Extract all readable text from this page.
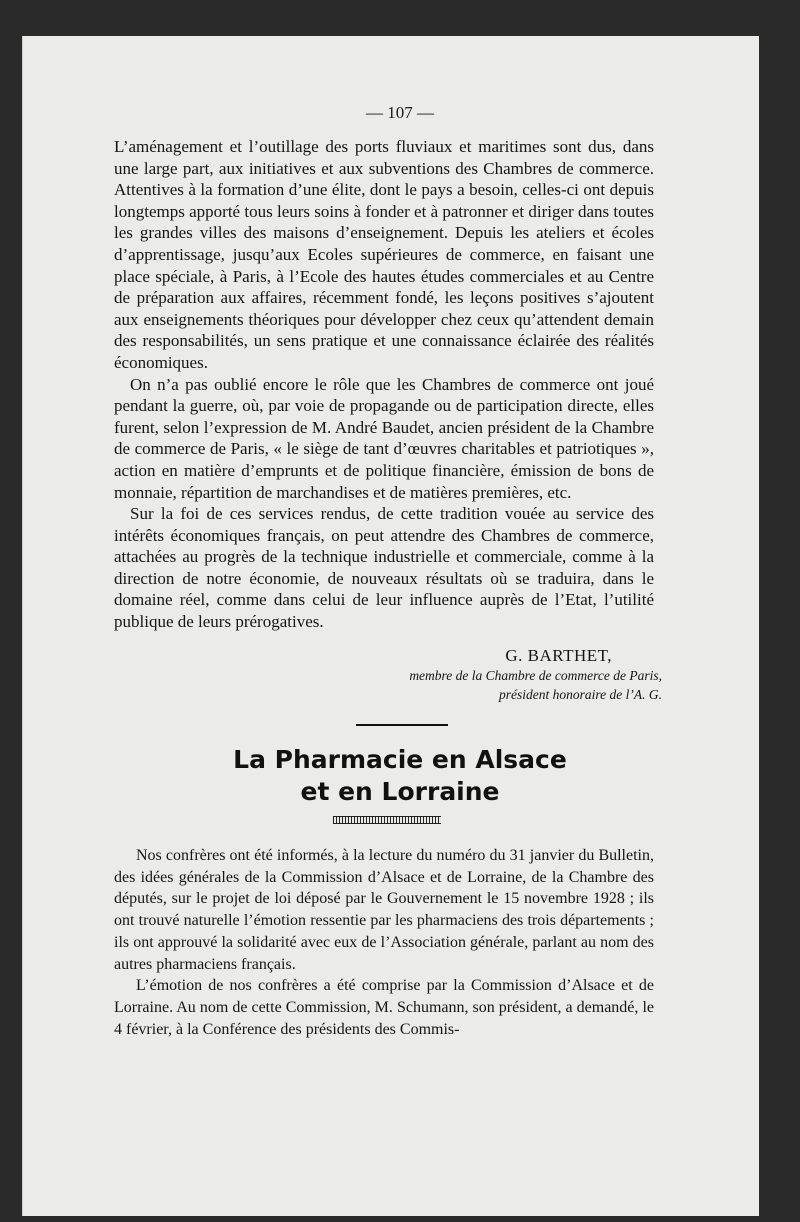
— 107 —

L’aménagement et l’outillage des ports fluviaux et maritimes sont dus, dans une large part, aux initiatives et aux subventions des Chambres de commerce. Attentives à la formation d’une élite, dont le pays a besoin, celles-ci ont depuis longtemps apporté tous leurs soins à fonder et à patronner et diriger dans toutes les grandes villes des maisons d’enseignement. Depuis les ateliers et écoles d’apprentissage, jusqu’aux Ecoles supérieures de commerce, en faisant une place spéciale, à Paris, à l’Ecole des hautes études commerciales et au Centre de préparation aux affaires, récemment fondé, les leçons positives s’ajoutent aux enseignements théoriques pour développer chez ceux qu’attendent demain des responsabilités, un sens pratique et une connaissance éclairée des réalités économiques.

On n’a pas oublié encore le rôle que les Chambres de commerce ont joué pendant la guerre, où, par voie de propagande ou de participation directe, elles furent, selon l’expression de M. André Baudet, ancien président de la Chambre de commerce de Paris, « le siège de tant d’œuvres charitables et patriotiques », action en matière d’emprunts et de politique financière, émission de bons de monnaie, répartition de marchandises et de matières premières, etc.

Sur la foi de ces services rendus, de cette tradition vouée au service des intérêts économiques français, on peut attendre des Chambres de commerce, attachées au progrès de la technique industrielle et commerciale, comme à la direction de notre économie, de nouveaux résultats où se traduira, dans le domaine réel, comme dans celui de leur influence auprès de l’Etat, l’utilité publique de leurs prérogatives.

G. BARTHET,
membre de la Chambre de commerce de Paris,
président honoraire de l’A. G.
La Pharmacie en Alsace
et en Lorraine

Nos confrères ont été informés, à la lecture du numéro du 31 janvier du Bulletin, des idées générales de la Commission d’Alsace et de Lorraine, de la Chambre des députés, sur le projet de loi déposé par le Gouvernement le 15 novembre 1928 ; ils ont trouvé naturelle l’émotion ressentie par les pharmaciens des trois départements ; ils ont approuvé la solidarité avec eux de l’Association générale, parlant au nom des autres pharmaciens français.

L’émotion de nos confrères a été comprise par la Commission d’Alsace et de Lorraine. Au nom de cette Commission, M. Schumann, son président, a demandé, le 4 février, à la Conférence des présidents des Commis-
